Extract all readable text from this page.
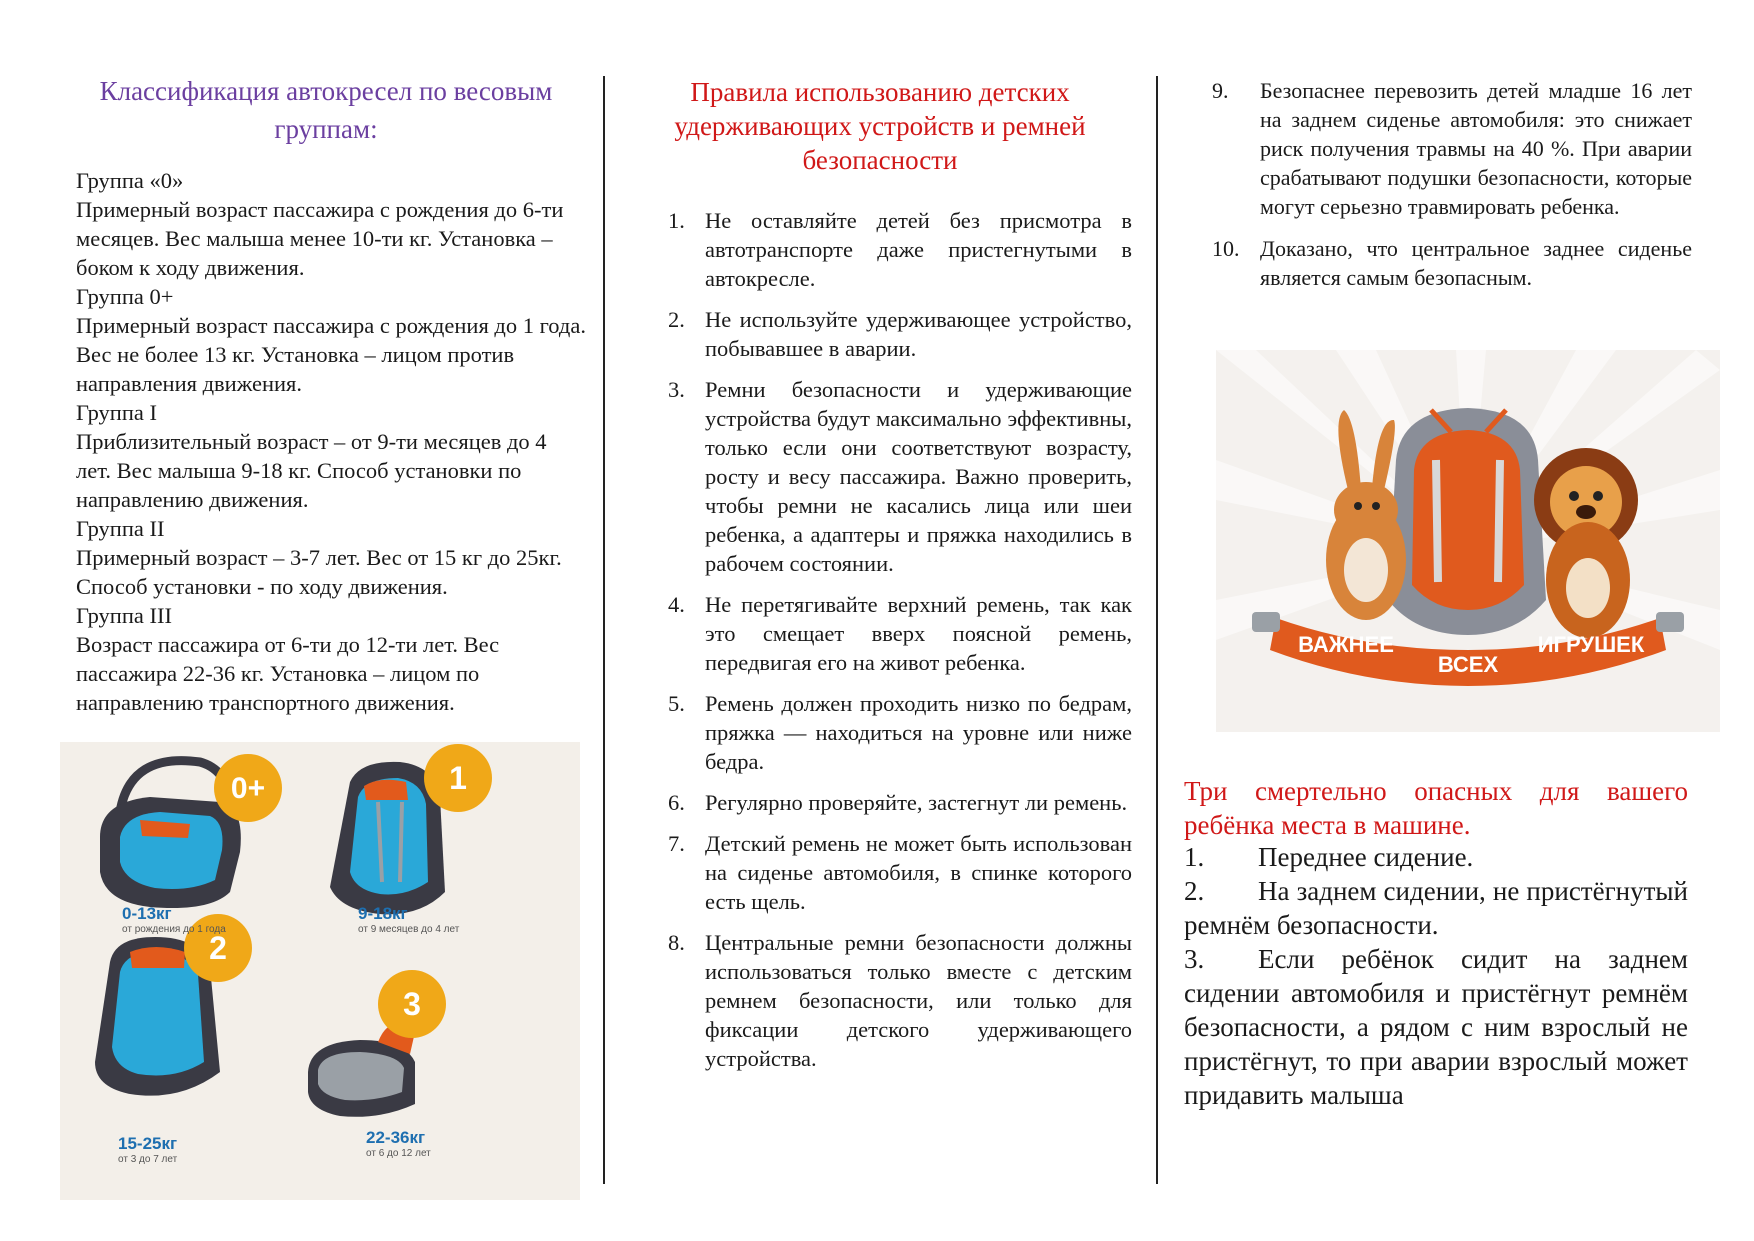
Классификация автокресел по весовым группам:

Группа «0»

Примерный возраст пассажира с рождения до 6-ти месяцев. Вес малыша менее 10-ти кг. Установка – боком к ходу движения.

Группа 0+

Примерный возраст пассажира с рождения до 1 года. Вес не более 13 кг. Установка – лицом против направления движения.

Группа I

Приблизительный возраст – от 9-ти месяцев до 4 лет. Вес малыша 9-18 кг. Способ установки по направлению движения.

Группа II

Примерный возраст – 3-7 лет. Вес от 15 кг до 25кг. Способ установки - по ходу движения.

Группа III

Возраст пассажира от 6-ти до 12-ти лет. Вес пассажира 22-36 кг. Установка – лицом по направлению транспортного движения.

0+	1
2
3
0-13кг
от рождения до 1 года
9-18кг
от 9 месяцев до 4 лет
15-25кг
от 3 до 7 лет
22-36кг
от 6 до 12 лет
Правила использованию детских удерживающих устройств и ремней безопасности
1. Не оставляйте детей без присмотра в автотранспорте даже пристегнутыми в автокресле.
2. Не используйте удерживающее устройство, побывавшее в аварии.
3. Ремни безопасности и удерживающие устройства будут максимально эффективны, только если они соответствуют возрасту, росту и весу пассажира. Важно проверить, чтобы ремни не касались лица или шеи ребенка, а адаптеры и пряжка находились в рабочем состоянии.
4. Не перетягивайте верхний ремень, так как это смещает вверх поясной ремень, передвигая его на живот ребенка.
5. Ремень должен проходить низко по бедрам, пряжка — находиться на уровне или ниже бедра.
6. Регулярно проверяйте, застегнут ли ремень.
7. Детский ремень не может быть использован на сиденье автомобиля, в спинке которого есть щель.
8. Центральные ремни безопасности должны использоваться только вместе с детским ремнем безопасности, или только для фиксации детского удерживающего устройства.
9. Безопаснее перевозить детей младше 16 лет на заднем сиденье автомобиля: это снижает риск получения травмы на 40 %. При аварии срабатывают подушки безопасности, которые могут серьезно травмировать ребенка.
10. Доказано, что центральное заднее сиденье является самым безопасным.
ВАЖНЕЕ
ВСЕХ
ИГРУШЕК
Три смертельно опасных для вашего ребёнка места в машине.
1. Переднее сидение.
2. На заднем сидении, не пристёгнутый ремнём безопасности.
3. Если ребёнок сидит на заднем сидении автомобиля и пристёгнут ремнём безопасности, а рядом с ним взрослый не пристёгнут, то при аварии взрослый может придавить малыша
